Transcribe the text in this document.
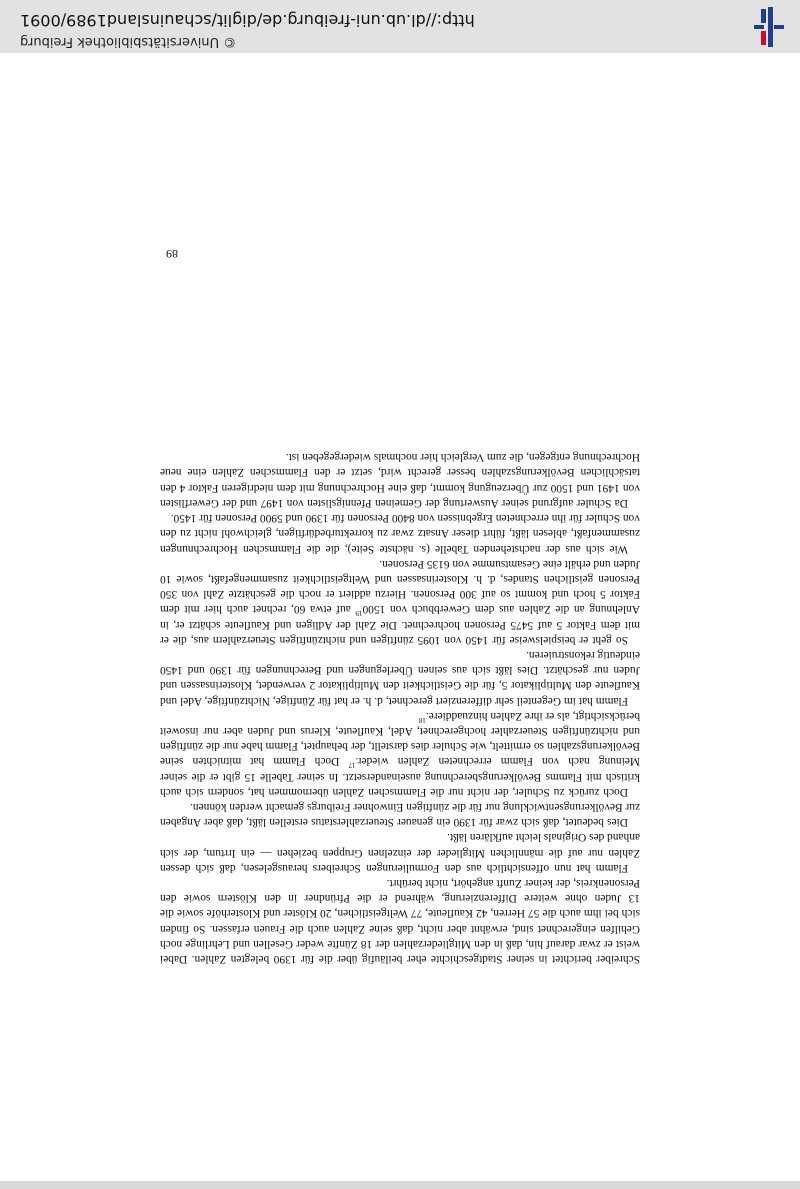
Schreiber berichtet in seiner Stadtgeschichte eher beiläufig über die für 1390 belegten Zahlen. Dabei weist er zwar darauf hin, daß in den Mitgliederzahlen der 18 Zünfte weder Gesellen und Lehrlinge noch Gehilfen eingerechnet sind, erwähnt aber nicht, daß seine Zahlen auch die Frauen erfassen. So finden sich bei ihm auch die 57 Herren, 42 Kaufleute, 77 Weltgeistlichen, 20 Klöster und Klosterhöfe sowie die 13 Juden ohne weitere Differenzierung, während er die Pfründner in den Klöstern sowie den Personenkreis, der keiner Zunft angehört, nicht berührt.

Flamm hat nun offensichtlich aus den Formulierungen Schreibers herausgelesen, daß sich dessen Zahlen nur auf die männlichen Mitglieder der einzelnen Gruppen beziehen — ein Irrtum, der sich anhand des Originals leicht aufklären läßt.

Dies bedeutet, daß sich zwar für 1390 ein genauer Steuerzahlerstatus erstellen läßt, daß aber Angaben zur Bevölkerungsentwicklung nur für die zünftigen Einwohner Freiburgs gemacht werden können.

Doch zurück zu Schuler, der nicht nur die Flammschen Zahlen übernommen hat, sondern sich auch kritisch mit Flamms Bevölkerungsberechnung auseinandersetzt. In seiner Tabelle 15 gibt er die seiner Meinung nach von Flamm errechneten Zahlen wieder.$^{17}$ Doch Flamm hat mitnichten seine Bevölkerungszahlen so ermittelt, wie Schuler dies darstellt, der behauptet, Flamm habe nur die zünftigen und nichtzünftigen Steuerzahler hochgerechnet, Adel, Kaufleute, Klerus und Juden aber nur insoweit berücksichtigt, als er ihre Zahlen hinzuaddiere.$^{18}$

Flamm hat im Gegenteil sehr differenziert gerechnet, d. h. er hat für Zünftige, Nichtzünftige, Adel und Kaufleute den Multiplikator 5, für die Geistlichkeit den Multiplikator 2 verwendet, Klosterinsassen und Juden nur geschätzt. Dies läßt sich aus seinen Überlegungen und Berechnungen für 1390 und 1450 eindeutig rekonstruieren.

So geht er beispielsweise für 1450 von 1095 zünftigen und nichtzünftigen Steuerzahlern aus, die er mit dem Faktor 5 auf 5475 Personen hochrechnet. Die Zahl der Adligen und Kaufleute schätzt er, in Anlehnung an die Zahlen aus dem Gewerbbuch von 1500$^{19}$ auf etwa 60, rechnet auch hier mit dem Faktor 5 hoch und kommt so auf 300 Personen. Hierzu addiert er noch die geschätzte Zahl von 350 Personen geistlichen Standes, d. h. Klosterinsassen und Weltgeistlichkeit zusammengefaßt, sowie 10 Juden und erhält eine Gesamtsumme von 6135 Personen.

Wie sich aus der nachstehenden Tabelle (s. nächste Seite), die die Flammschen Hochrechnungen zusammenfaßt, ablesen läßt, führt dieser Ansatz zwar zu korrekturbedürftigen, gleichwohl nicht zu den von Schuler für ihn errechneten Ergebnissen von 8400 Personen für 1390 und 5900 Personen für 1450.

Da Schuler aufgrund seiner Auswertung der Gemeinen Pfennigslisten von 1497 und der Gewerflisten von 1491 und 1500 zur Überzeugung kommt, daß eine Hochrechnung mit dem niedrigeren Faktor 4 den tatsächlichen Bevölkerungszahlen besser gerecht wird, setzt er den Flammschen Zahlen eine neue Hochrechnung entgegen, die zum Vergleich hier nochmals wiedergegeben ist.

89
© Universitätsbibliothek Freiburg
http://dl.ub.uni-freiburg.de/diglit/schauinsland1989/0091
